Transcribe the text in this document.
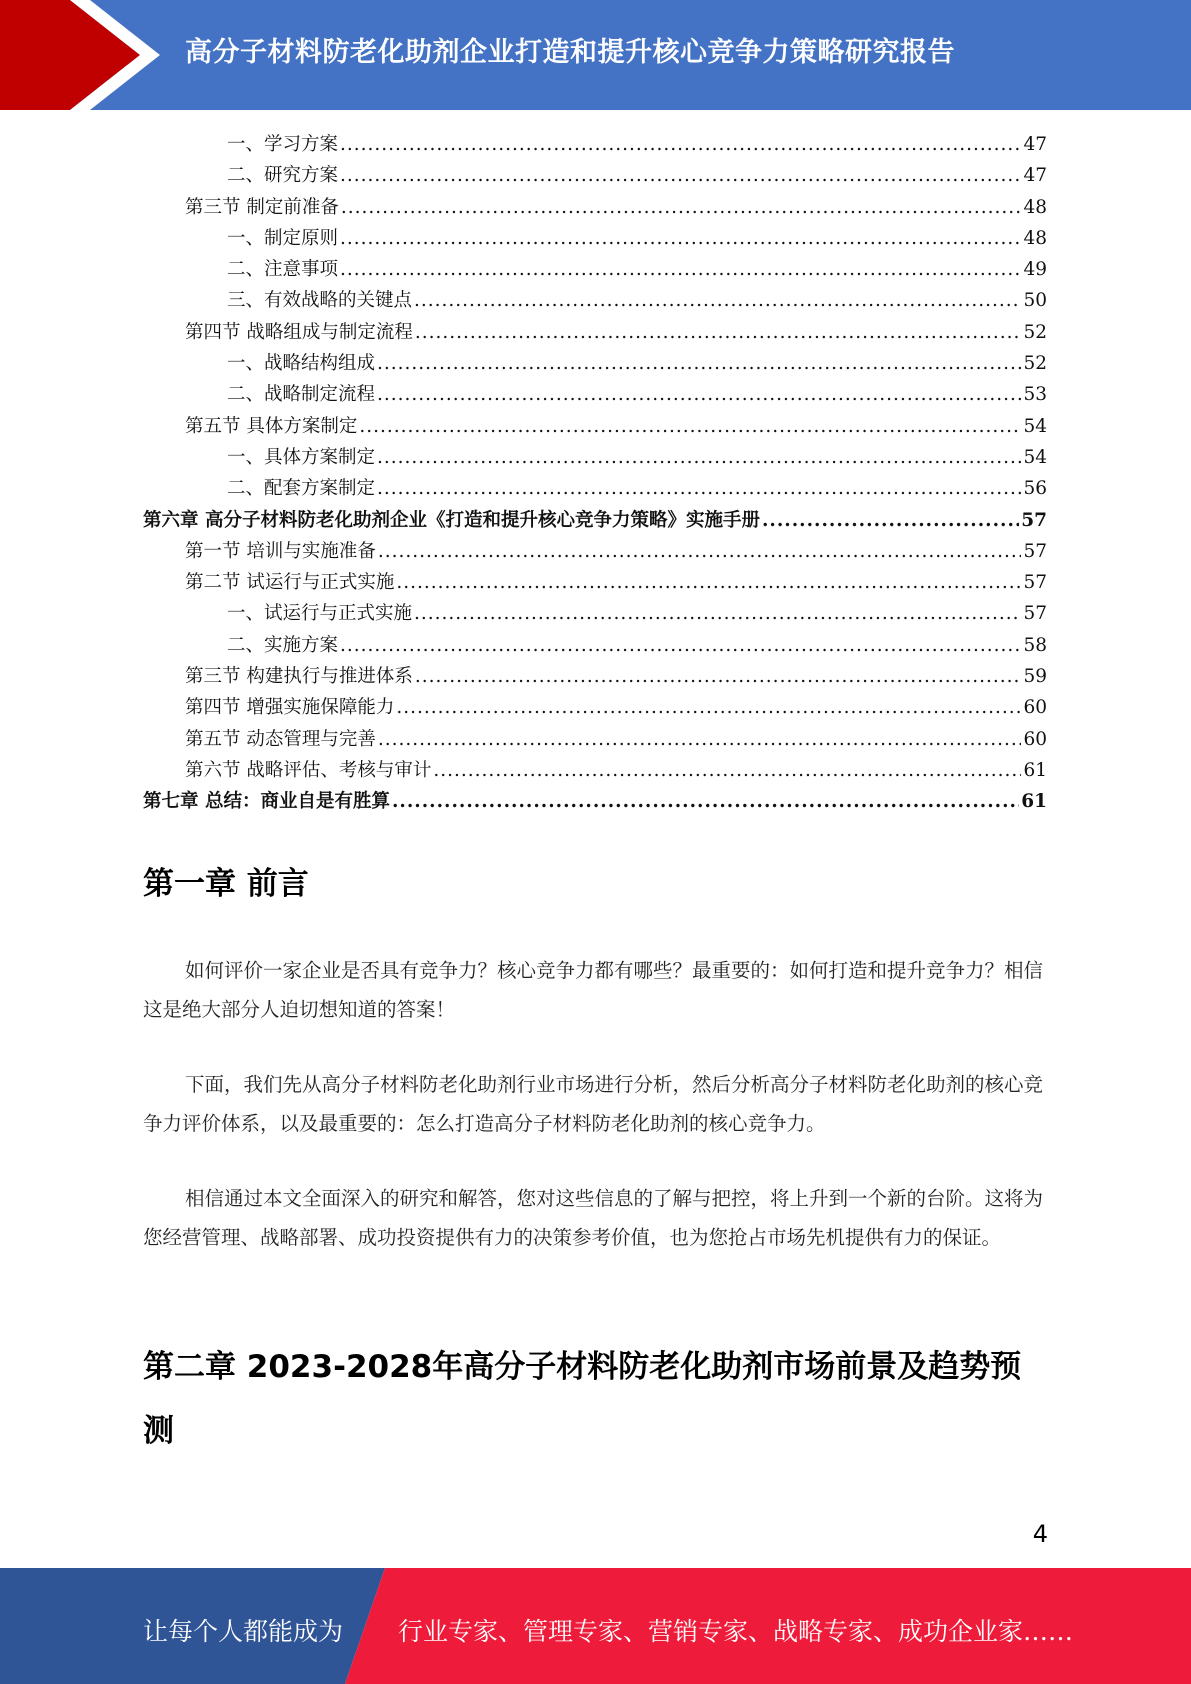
高分子材料防老化助剂企业打造和提升核心竞争力策略研究报告
一、学习方案 .....	47
二、研究方案 .....	47
第三节 制定前准备 .....	48
一、制定原则 .....	48
二、注意事项 .....	49
三、有效战略的关键点 .....	50
第四节 战略组成与制定流程 .....	52
一、战略结构组成 .....	52
二、战略制定流程 .....	53
第五节 具体方案制定 .....	54
一、具体方案制定 .....	54
二、配套方案制定 .....	56
第六章 高分子材料防老化助剂企业《打造和提升核心竞争力策略》实施手册 .....	57
第一节 培训与实施准备 .....	57
第二节 试运行与正式实施 .....	57
一、试运行与正式实施 .....	57
二、实施方案 .....	58
第三节 构建执行与推进体系 .....	59
第四节 增强实施保障能力 .....	60
第五节 动态管理与完善 .....	60
第六节 战略评估、考核与审计 .....	61
第七章 总结：商业自是有胜算 .....	61
第一章 前言

如何评价一家企业是否具有竞争力？核心竞争力都有哪些？最重要的：如何打造和提升竞争力？相信这是绝大部分人迫切想知道的答案！

下面，我们先从高分子材料防老化助剂行业市场进行分析，然后分析高分子材料防老化助剂的核心竞争力评价体系，以及最重要的：怎么打造高分子材料防老化助剂的核心竞争力。

相信通过本文全面深入的研究和解答，您对这些信息的了解与把控，将上升到一个新的台阶。这将为您经营管理、战略部署、成功投资提供有力的决策参考价值，也为您抢占市场先机提供有力的保证。

第二章 2023-2028年高分子材料防老化助剂市场前景及趋势预测
4
让每个人都能成为 行业专家、管理专家、营销专家、战略专家、成功企业家……
